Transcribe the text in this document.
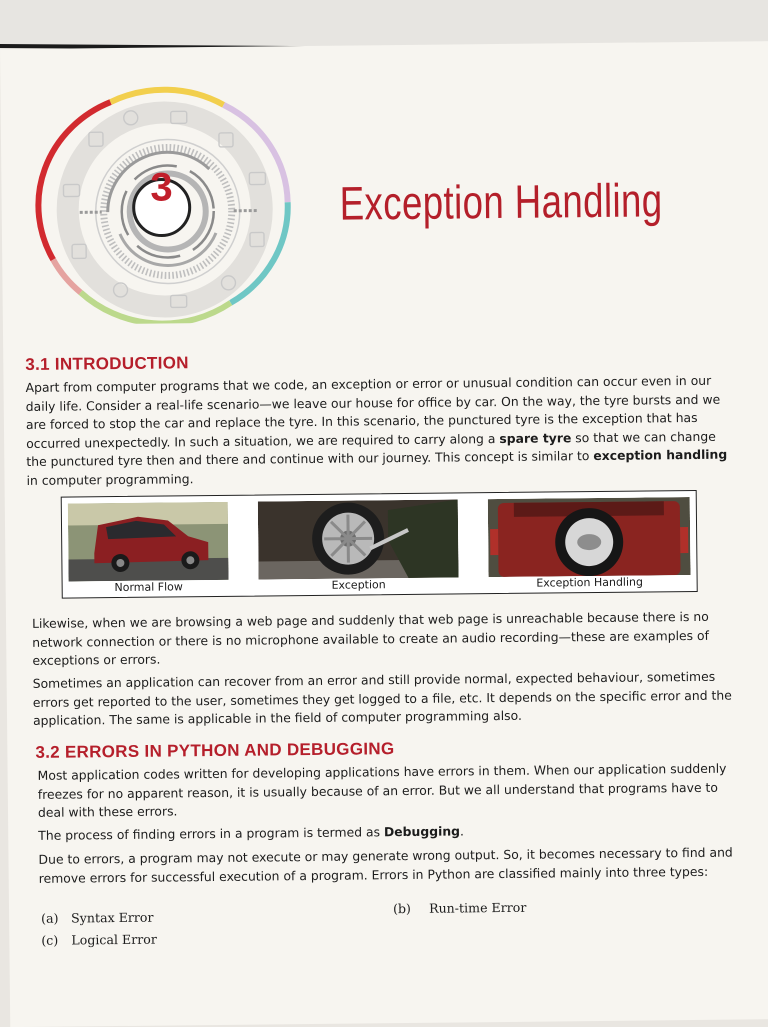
3	Exception Handling
3.1 INTRODUCTION

Apart from computer programs that we code, an exception or error or unusual condition can occur even in our daily life. Consider a real-life scenario—we leave our house for office by car. On the way, the tyre bursts and we are forced to stop the car and replace the tyre. In this scenario, the punctured tyre is the exception that has occurred unexpectedly. In such a situation, we are required to carry along a spare tyre so that we can change the punctured tyre then and there and continue with our journey. This concept is similar to exception handling in computer programming.

Normal Flow	Exception	Exception Handling

Likewise, when we are browsing a web page and suddenly that web page is unreachable because there is no network connection or there is no microphone available to create an audio recording—these are examples of exceptions or errors.

Sometimes an application can recover from an error and still provide normal, expected behaviour, sometimes errors get reported to the user, sometimes they get logged to a file, etc. It depends on the specific error and the application. The same is applicable in the field of computer programming also.

3.2 ERRORS IN PYTHON AND DEBUGGING

Most application codes written for developing applications have errors in them. When our application suddenly freezes for no apparent reason, it is usually because of an error. But we all understand that programs have to deal with these errors.

The process of finding errors in a program is termed as Debugging.

Due to errors, a program may not execute or may generate wrong output. So, it becomes necessary to find and remove errors for successful execution of a program. Errors in Python are classified mainly into three types:

(a) Syntax Error
(b) Run-time Error
(c) Logical Error
